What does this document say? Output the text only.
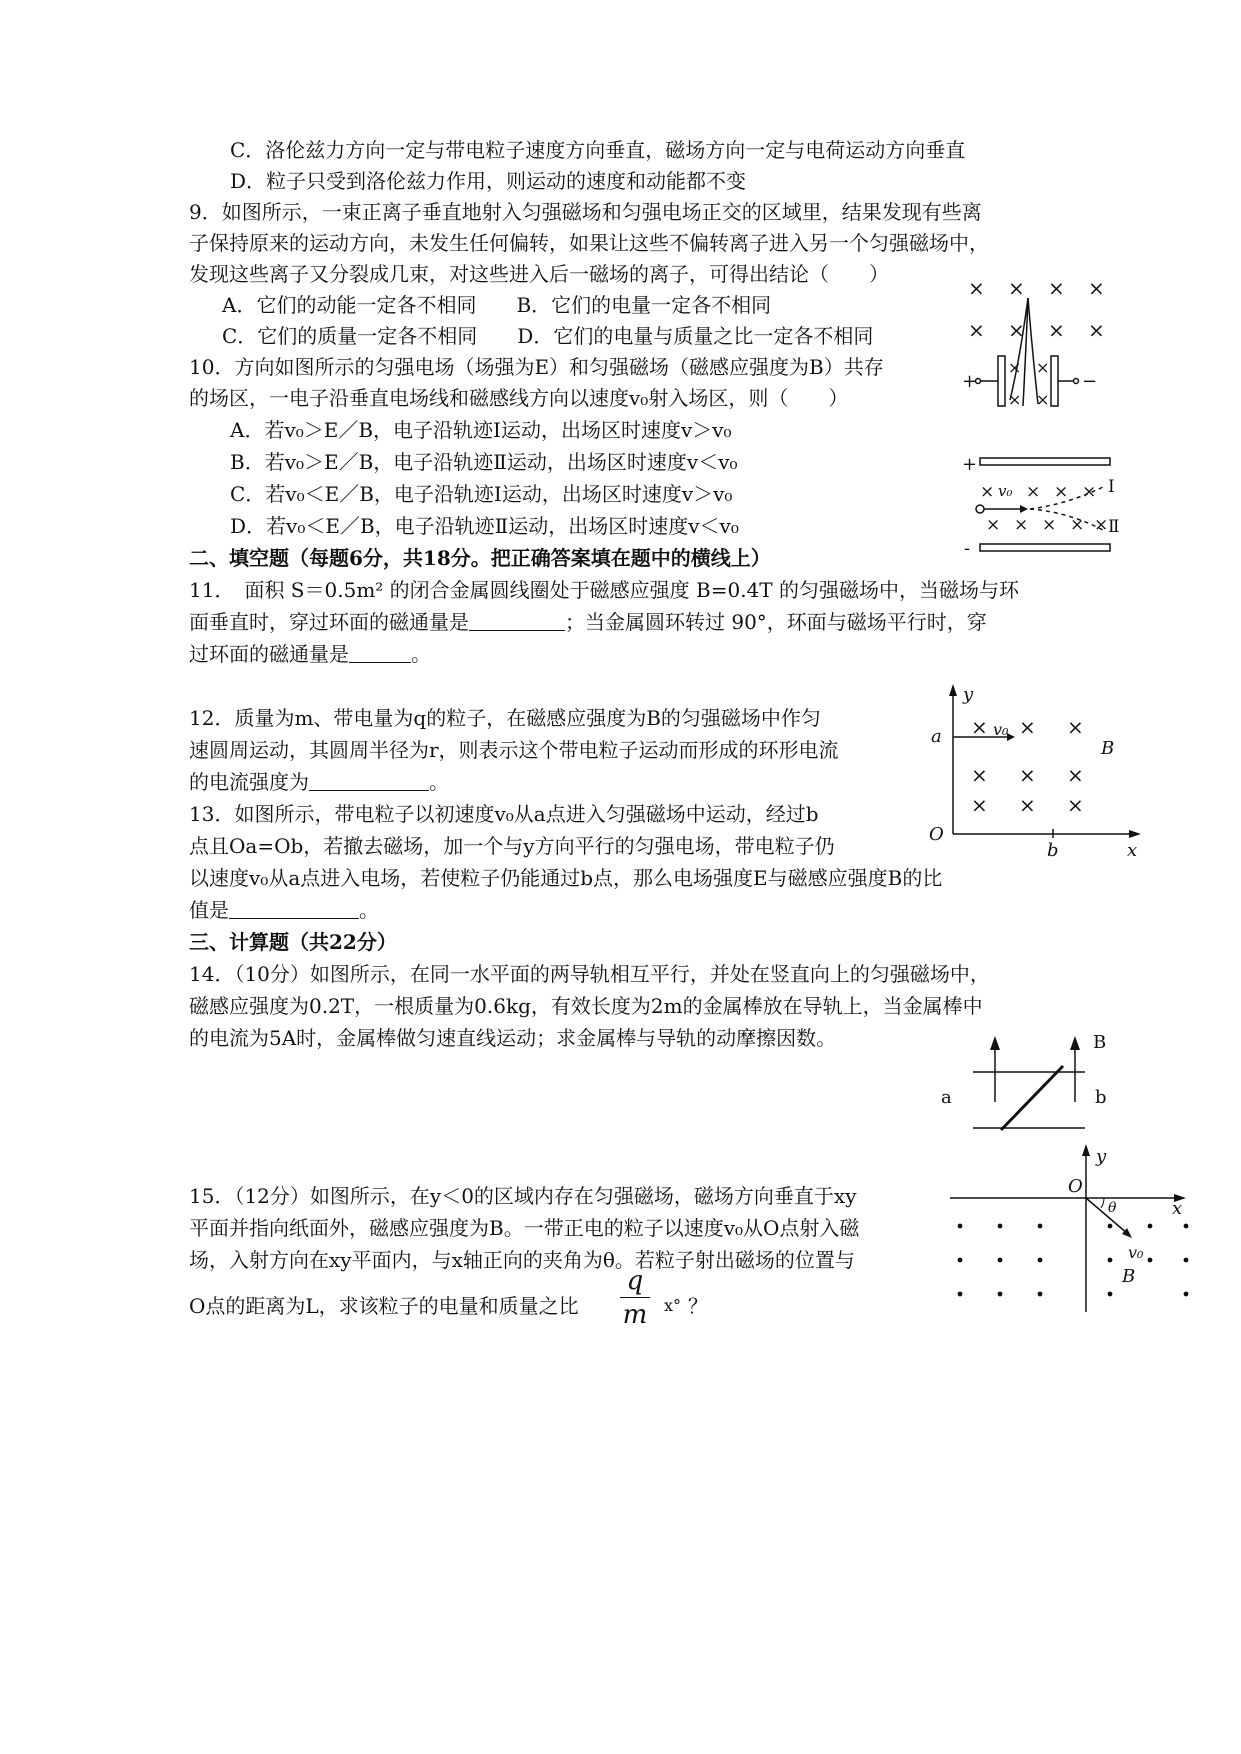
C．洛伦兹力方向一定与带电粒子速度方向垂直，磁场方向一定与电荷运动方向垂直
D．粒子只受到洛伦兹力作用，则运动的速度和动能都不变
9．如图所示，一束正离子垂直地射入匀强磁场和匀强电场正交的区域里，结果发现有些离
子保持原来的运动方向，未发生任何偏转，如果让这些不偏转离子进入另一个匀强磁场中，
发现这些离子又分裂成几束，对这些进入后一磁场的离子，可得出结论（　　）
A．它们的动能一定各不相同　　B．它们的电量一定各不相同
C．它们的质量一定各不相同　　D．它们的电量与质量之比一定各不相同
10．方向如图所示的匀强电场（场强为E）和匀强磁场（磁感应强度为B）共存
的场区，一电子沿垂直电场线和磁感线方向以速度v₀射入场区，则（　　）
A．若v₀＞E／B，电子沿轨迹Ⅰ运动，出场区时速度v＞v₀
B．若v₀＞E／B，电子沿轨迹Ⅱ运动，出场区时速度v＜v₀
C．若v₀＜E／B，电子沿轨迹Ⅰ运动，出场区时速度v＞v₀
D．若v₀＜E／B，电子沿轨迹Ⅱ运动，出场区时速度v＜v₀
二、填空题（每题6分，共18分。把正确答案填在题中的横线上）
11．　面积 S＝0.5m² 的闭合金属圆线圈处于磁感应强度 B=0.4T 的匀强磁场中，当磁场与环
面垂直时，穿过环面的磁通量是	；当金属圆环转过 90°，环面与磁场平行时，穿
过环面的磁通量是	。
12．质量为m、带电量为q的粒子，在磁感应强度为B的匀强磁场中作匀
速圆周运动，其圆周半径为r，则表示这个带电粒子运动而形成的环形电流
的电流强度为	。
13．如图所示，带电粒子以初速度v₀从a点进入匀强磁场中运动，经过b
点且Oa=Ob，若撤去磁场，加一个与y方向平行的匀强电场，带电粒子仍
以速度v₀从a点进入电场，若使粒子仍能通过b点，那么电场强度E与磁感应强度B的比
值是	。
三、计算题（共22分）
14．（10分）如图所示，在同一水平面的两导轨相互平行，并处在竖直向上的匀强磁场中，
磁感应强度为0.2T，一根质量为0.6kg，有效长度为2m的金属棒放在导轨上，当金属棒中
的电流为5A时，金属棒做匀速直线运动；求金属棒与导轨的动摩擦因数。
15．（12分）如图所示，在y＜0的区域内存在匀强磁场，磁场方向垂直于xy
平面并指向纸面外，磁感应强度为B。一带正电的粒子以速度v₀从O点射入磁
场，入射方向在xy平面内，与x轴正向的夹角为θ。若粒子射出磁场的位置与
O点的距离为L，求该粒子的电量和质量之比
q
m ⅹ° ？
× × × ×
× × × ×
× ×
× ×
+	−
+
-
× × × ×
× × × × ×
v₀	Ⅰ
Ⅱ
y
x
O
a
b
v₀
× × ×
× × ×
× × ×
B
B
a	b
y
x
O
θ
v₀
B
